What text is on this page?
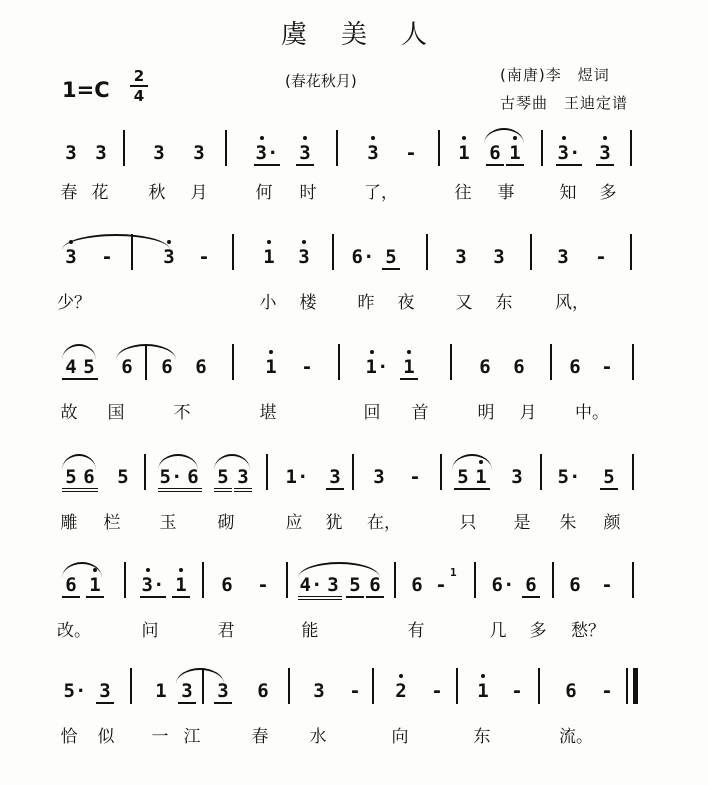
虞美人
1=C
2
4
(春花秋月)	(南唐)李　煜词
古琴曲　王迪定谱
3 3 3 3	3· 3	3 - 1 6 1 3· 3
春 花 秋 月	何 时	了，	往 事	知 多
3 -	3 -	1 3 6· 5	3 3	3 -
少？	小 楼 昨 夜 又 东	风，
4 5 6 6 6	1 -	1· 1	6 6 6 -
故 国	不	堪	回 首	明 月 中。
5 6 5 5· 6 5 3 1· 3 3 - 5 1 3 5· 5
雕 栏 玉 砌	应 犹 在，	只 是 朱 颜
6 1 3· 1 6 - 4· 3 5 6 6 -
1
6· 6 6 -
改。	问	君	能	有	几 多 愁？
5· 3 1 3 3 6 3 - 2 - 1 - 6 -
恰 似 一 江	春 水	向	东	流。
